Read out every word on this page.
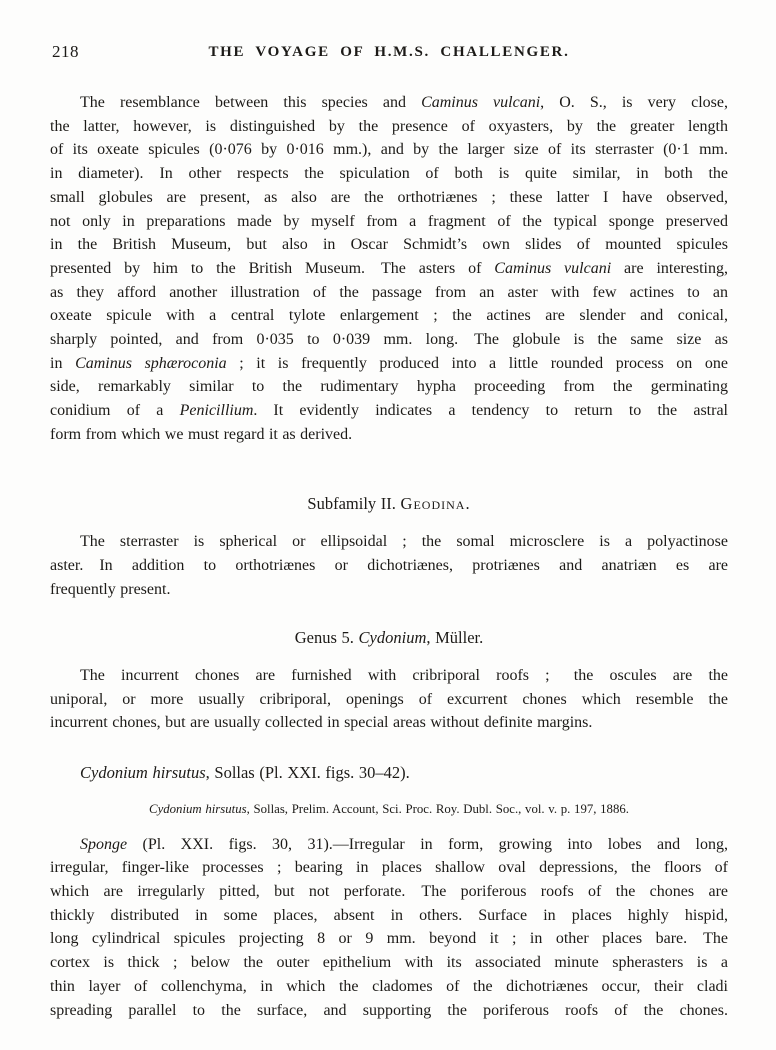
218	THE VOYAGE OF H.M.S. CHALLENGER.
The resemblance between this species and Caminus vulcani, O. S., is very close,
the latter, however, is distinguished by the presence of oxyasters, by the greater length
of its oxeate spicules (0·076 by 0·016 mm.), and by the larger size of its sterraster (0·1 mm.
in diameter).  In other respects the spiculation of both is quite similar, in both the
small globules are present, as also are the orthotriænes ; these latter I have observed,
not only in preparations made by myself from a fragment of the typical sponge preserved
in the British Museum, but also in Oscar Schmidt’s own slides of mounted spicules
presented by him to the British Museum.  The asters of Caminus vulcani are interesting,
as they afford another illustration of the passage from an aster with few actines to an
oxeate spicule with a central tylote enlargement ; the actines are slender and conical,
sharply pointed, and from 0·035 to 0·039 mm. long.  The globule is the same size as
in Caminus sphæroconia ; it is frequently produced into a little rounded process on one
side, remarkably similar to the rudimentary hypha proceeding from the germinating
conidium of a Penicillium.  It evidently indicates a tendency to return to the astral
form from which we must regard it as derived.
Subfamily II. Geodina.
The sterraster is spherical or ellipsoidal ; the somal microsclere is a polyactinose
aster.  In addition to orthotriænes or dichotriænes, protriænes and anatriæn es are
frequently present.
Genus 5. Cydonium, Müller.
The incurrent chones are furnished with cribriporal roofs ;  the oscules are the
uniporal, or more usually cribriporal, openings of excurrent chones which resemble the
incurrent chones, but are usually collected in special areas without definite margins.
Cydonium hirsutus, Sollas (Pl. XXI. figs. 30–42).
Cydonium hirsutus, Sollas, Prelim. Account, Sci. Proc. Roy. Dubl. Soc., vol. v. p. 197, 1886.
Sponge (Pl. XXI. figs. 30, 31).—Irregular in form, growing into lobes and long,
irregular, finger-like processes ; bearing in places shallow oval depressions, the floors of
which are irregularly pitted, but not perforate.  The poriferous roofs of the chones are
thickly distributed in some places, absent in others.  Surface in places highly hispid,
long cylindrical spicules projecting 8 or 9 mm. beyond it ; in other places bare.  The
cortex is thick ; below the outer epithelium with its associated minute spherasters is a
thin layer of collenchyma, in which the cladomes of the dichotriænes occur, their cladi
spreading parallel to the surface, and supporting the poriferous roofs of the chones.
